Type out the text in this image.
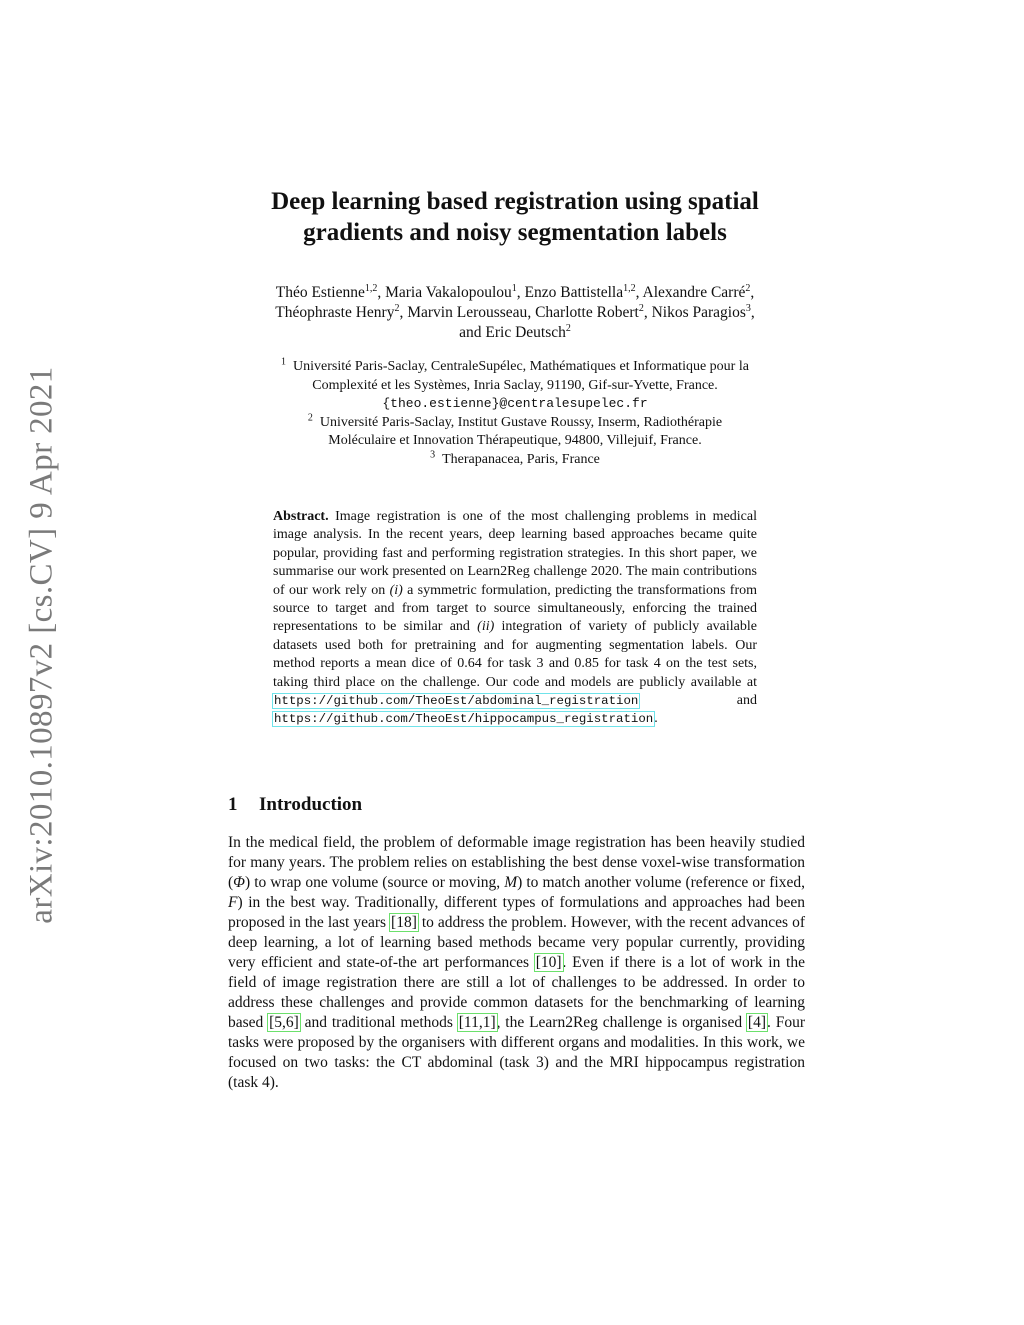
arXiv:2010.10897v2 [cs.CV] 9 Apr 2021
Deep learning based registration using spatial
gradients and noisy segmentation labels
Théo Estienne$^{1,2}$, Maria Vakalopoulou$^1$, Enzo Battistella$^{1,2}$, Alexandre Carré$^2$,
Théophraste Henry$^2$, Marvin Lerousseau, Charlotte Robert$^2$, Nikos Paragios$^3$,
and Eric Deutsch$^2$
$^1$ Université Paris-Saclay, CentraleSupélec, Mathématiques et Informatique pour la
Complexité et les Systèmes, Inria Saclay, 91190, Gif-sur-Yvette, France.
{theo.estienne}@centralesupelec.fr
$^2$ Université Paris-Saclay, Institut Gustave Roussy, Inserm, Radiothérapie
Moléculaire et Innovation Thérapeutique, 94800, Villejuif, France.
$^3$ Therapanacea, Paris, France

Abstract. Image registration is one of the most challenging problems in medical image analysis. In the recent years, deep learning based approaches became quite popular, providing fast and performing registration strategies. In this short paper, we summarise our work presented on Learn2Reg challenge 2020. The main contributions of our work rely on (i) a symmetric formulation, predicting the transformations from source to target and from target to source simultaneously, enforcing the trained representations to be similar and (ii) integration of variety of publicly available datasets used both for pretraining and for augmenting segmentation labels. Our method reports a mean dice of 0.64 for task 3 and 0.85 for task 4 on the test sets, taking third place on the challenge. Our code and models are publicly available at https://github.com/TheoEst/abdominal_registration and https://github.com/TheoEst/hippocampus_registration.

1 Introduction

In the medical field, the problem of deformable image registration has been heavily studied for many years. The problem relies on establishing the best dense voxel-wise transformation (Φ) to wrap one volume (source or moving, M) to match another volume (reference or fixed, F) in the best way. Traditionally, different types of formulations and approaches had been proposed in the last years [18] to address the problem. However, with the recent advances of deep learning, a lot of learning based methods became very popular currently, providing very efficient and state-of-the art performances [10]. Even if there is a lot of work in the field of image registration there are still a lot of challenges to be addressed. In order to address these challenges and provide common datasets for the benchmarking of learning based [5,6] and traditional methods [11,1], the Learn2Reg challenge is organised [4]. Four tasks were proposed by the organisers with different organs and modalities. In this work, we focused on two tasks: the CT abdominal (task 3) and the MRI hippocampus registration (task 4).
